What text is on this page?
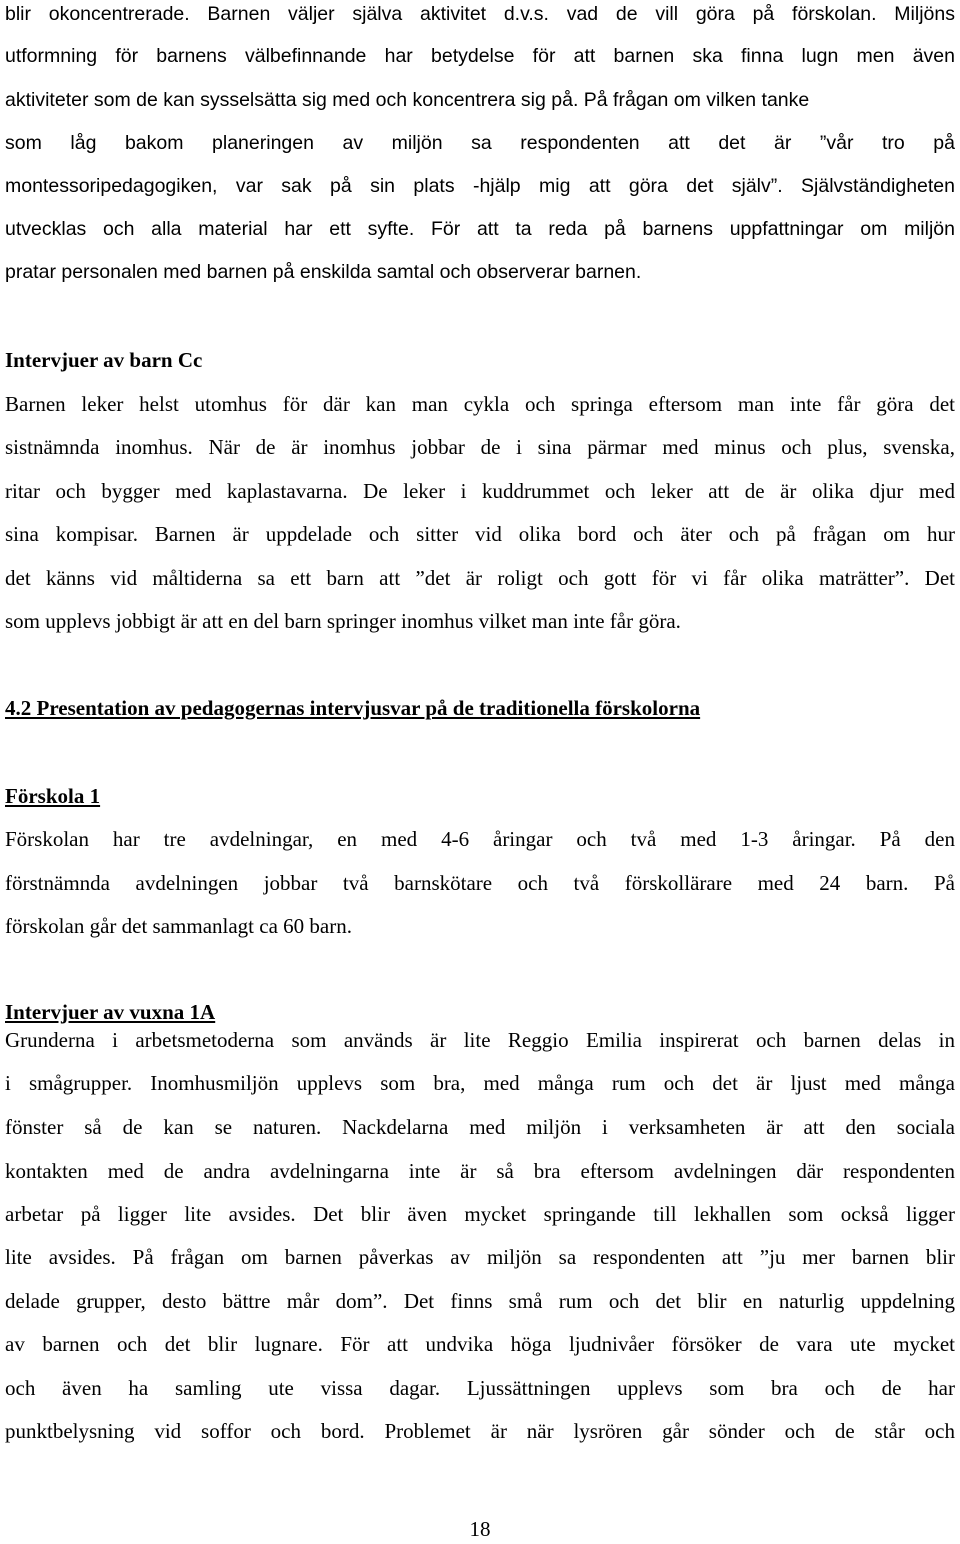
blir okoncentrerade. Barnen väljer själva aktivitet d.v.s. vad de vill göra på förskolan. Miljöns
utformning för barnens välbefinnande har betydelse för att barnen ska finna lugn men även
aktiviteter som de kan sysselsätta sig med och koncentrera sig på. På frågan om vilken tanke
som låg bakom planeringen av miljön sa respondenten att det är ”vår tro på
montessoripedagogiken, var sak på sin plats -hjälp mig att göra det själv”. Självständigheten
utvecklas och alla material har ett syfte. För att ta reda på barnens uppfattningar om miljön
pratar personalen med barnen på enskilda samtal och observerar barnen.
Intervjuer av barn Cc
Barnen leker helst utomhus för där kan man cykla och springa eftersom man inte får göra det
sistnämnda inomhus. När de är inomhus jobbar de i sina pärmar med minus och plus, svenska,
ritar och bygger med kaplastavarna. De leker i kuddrummet och leker att de är olika djur med
sina kompisar. Barnen är uppdelade och sitter vid olika bord och äter och på frågan om hur
det känns vid måltiderna sa ett barn att ”det är roligt och gott för vi får olika maträtter”. Det
som upplevs jobbigt är att en del barn springer inomhus vilket man inte får göra.
4.2 Presentation av pedagogernas intervjusvar på de traditionella förskolorna
Förskola 1
Förskolan har tre avdelningar, en med 4-6 åringar och två med 1-3 åringar. På den
förstnämnda avdelningen jobbar två barnskötare och två förskollärare med 24 barn. På
förskolan går det sammanlagt ca 60 barn.
Intervjuer av vuxna 1A
Grunderna i arbetsmetoderna som används är lite Reggio Emilia inspirerat och barnen delas in
i smågrupper. Inomhusmiljön upplevs som bra, med många rum och det är ljust med många
fönster så de kan se naturen. Nackdelarna med miljön i verksamheten är att den sociala
kontakten med de andra avdelningarna inte är så bra eftersom avdelningen där respondenten
arbetar på ligger lite avsides. Det blir även mycket springande till lekhallen som också ligger
lite avsides. På frågan om barnen påverkas av miljön sa respondenten att ”ju mer barnen blir
delade grupper, desto bättre mår dom”. Det finns små rum och det blir en naturlig uppdelning
av barnen och det blir lugnare. För att undvika höga ljudnivåer försöker de vara ute mycket
och även ha samling ute vissa dagar. Ljussättningen upplevs som bra och de har
punktbelysning vid soffor och bord. Problemet är när lysrören går sönder och de står och
18
